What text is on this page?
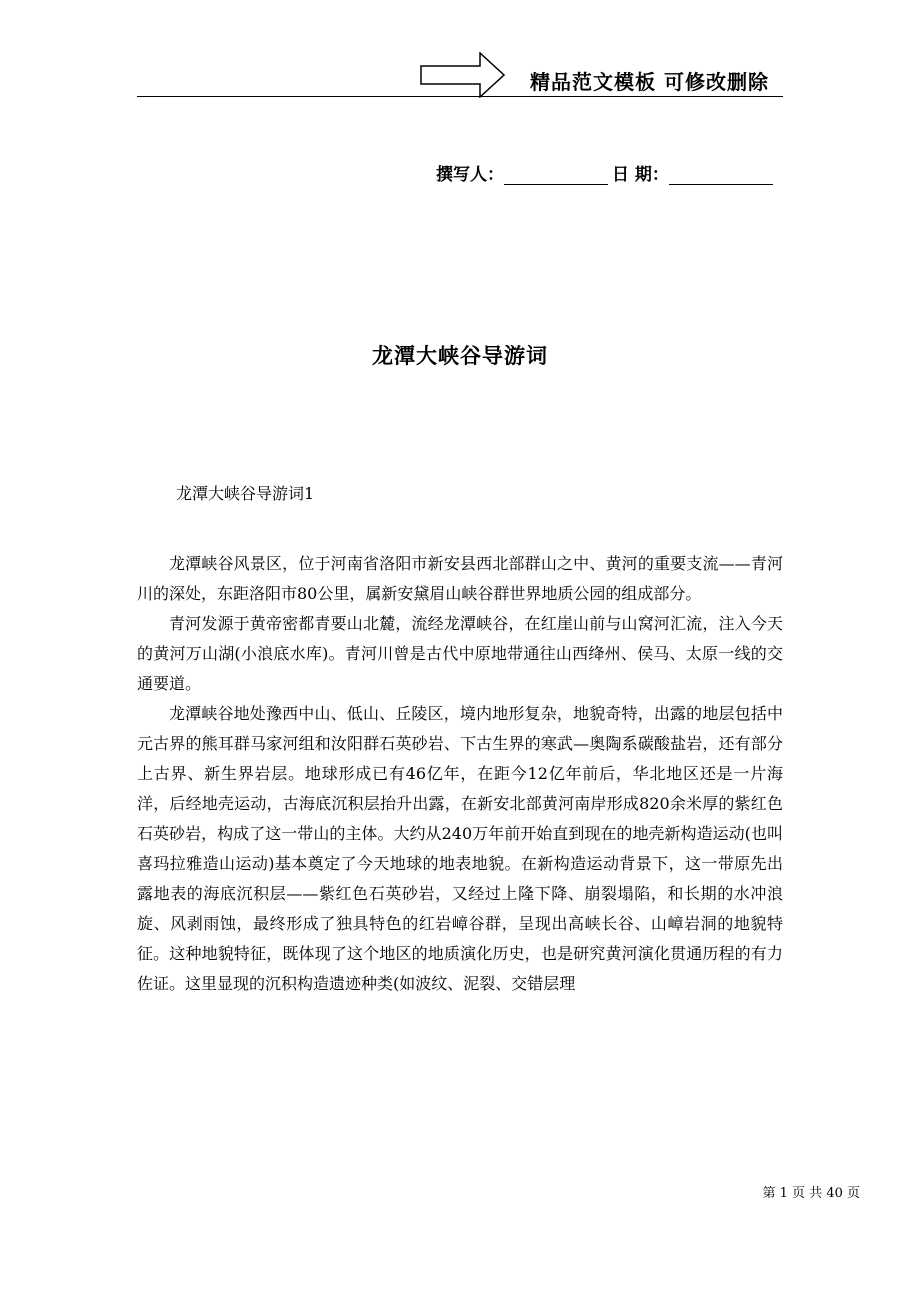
精品范文模板 可修改删除
撰写人：	日 期：
龙潭大峡谷导游词
龙潭大峡谷导游词1

龙潭峡谷风景区，位于河南省洛阳市新安县西北部群山之中、黄河的重要支流——青河川的深处，东距洛阳市80公里，属新安黛眉山峡谷群世界地质公园的组成部分。

青河发源于黄帝密都青要山北麓，流经龙潭峡谷，在红崖山前与山窝河汇流，注入今天的黄河万山湖(小浪底水库)。青河川曾是古代中原地带通往山西绛州、侯马、太原一线的交通要道。

龙潭峡谷地处豫西中山、低山、丘陵区，境内地形复杂，地貌奇特，出露的地层包括中元古界的熊耳群马家河组和汝阳群石英砂岩、下古生界的寒武—奥陶系碳酸盐岩，还有部分上古界、新生界岩层。地球形成已有46亿年，在距今12亿年前后，华北地区还是一片海洋，后经地壳运动，古海底沉积层抬升出露，在新安北部黄河南岸形成820余米厚的紫红色石英砂岩，构成了这一带山的主体。大约从240万年前开始直到现在的地壳新构造运动(也叫喜玛拉雅造山运动)基本奠定了今天地球的地表地貌。在新构造运动背景下，这一带原先出露地表的海底沉积层——紫红色石英砂岩，又经过上隆下降、崩裂塌陷，和长期的水冲浪旋、风剥雨蚀，最终形成了独具特色的红岩嶂谷群，呈现出高峡长谷、山嶂岩洞的地貌特征。这种地貌特征，既体现了这个地区的地质演化历史，也是研究黄河演化贯通历程的有力佐证。这里显现的沉积构造遗迹种类(如波纹、泥裂、交错层理

第 1 页 共 40 页
